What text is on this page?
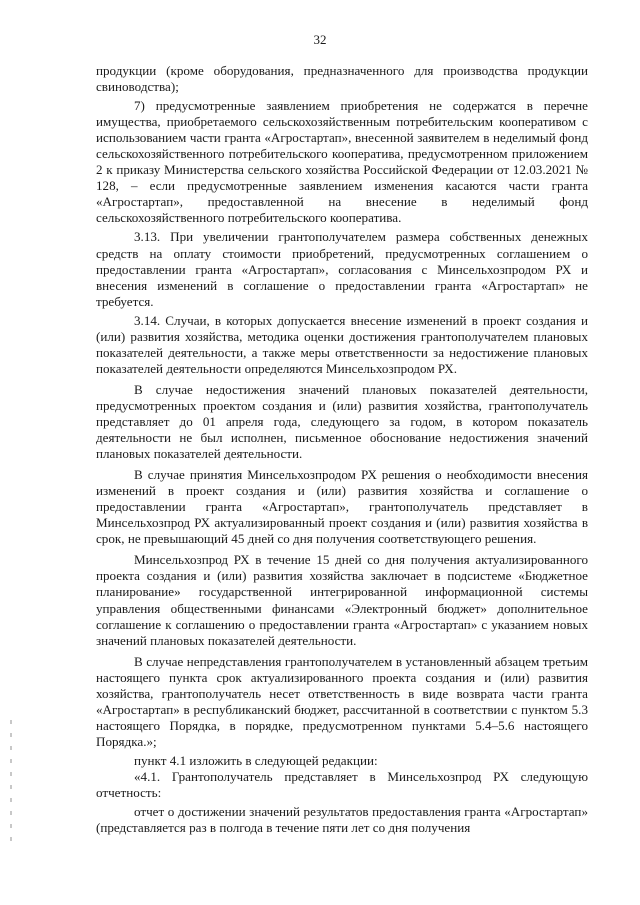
32

продукции (кроме оборудования, предназначенного для производства продукции свиноводства);

7) предусмотренные заявлением приобретения не содержатся в перечне имущества, приобретаемого сельскохозяйственным потребительским кооперативом с использованием части гранта «Агростартап», внесенной заявителем в неделимый фонд сельскохозяйственного потребительского кооператива, предусмотренном приложением 2 к приказу Министерства сельского хозяйства Российской Федерации от 12.03.2021 № 128, – если предусмотренные заявлением изменения касаются части гранта «Агростартап», предоставленной на внесение в неделимый фонд сельскохозяйственного потребительского кооператива.

3.13. При увеличении грантополучателем размера собственных денежных средств на оплату стоимости приобретений, предусмотренных соглашением о предоставлении гранта «Агростартап», согласования с Минсельхозпродом РХ и внесения изменений в соглашение о предоставлении гранта «Агростартап» не требуется.

3.14. Случаи, в которых допускается внесение изменений в проект создания и (или) развития хозяйства, методика оценки достижения грантополучателем плановых показателей деятельности, а также меры ответственности за недостижение плановых показателей деятельности определяются Минсельхозпродом РХ.

В случае недостижения значений плановых показателей деятельности, предусмотренных проектом создания и (или) развития хозяйства, грантополучатель представляет до 01 апреля года, следующего за годом, в котором показатель деятельности не был исполнен, письменное обоснование недостижения значений плановых показателей деятельности.

В случае принятия Минсельхозпродом РХ решения о необходимости внесения изменений в проект создания и (или) развития хозяйства и соглашение о предоставлении гранта «Агростартап», грантополучатель представляет в Минсельхозпрод РХ актуализированный проект создания и (или) развития хозяйства в срок, не превышающий 45 дней со дня получения соответствующего решения.

Минсельхозпрод РХ в течение 15 дней со дня получения актуализированного проекта создания и (или) развития хозяйства заключает в подсистеме «Бюджетное планирование» государственной интегрированной информационной системы управления общественными финансами «Электронный бюджет» дополнительное соглашение к соглашению о предоставлении гранта «Агростартап» с указанием новых значений плановых показателей деятельности.

В случае непредставления грантополучателем в установленный абзацем третьим настоящего пункта срок актуализированного проекта создания и (или) развития хозяйства, грантополучатель несет ответственность в виде возврата части гранта «Агростартап» в республиканский бюджет, рассчитанной в соответствии с пунктом 5.3 настоящего Порядка, в порядке, предусмотренном пунктами 5.4–5.6 настоящего Порядка.»;

пункт 4.1 изложить в следующей редакции:

«4.1. Грантополучатель представляет в Минсельхозпрод РХ следующую отчетность:

отчет о достижении значений результатов предоставления гранта «Агростартап» (представляется раз в полгода в течение пяти лет со дня получения
